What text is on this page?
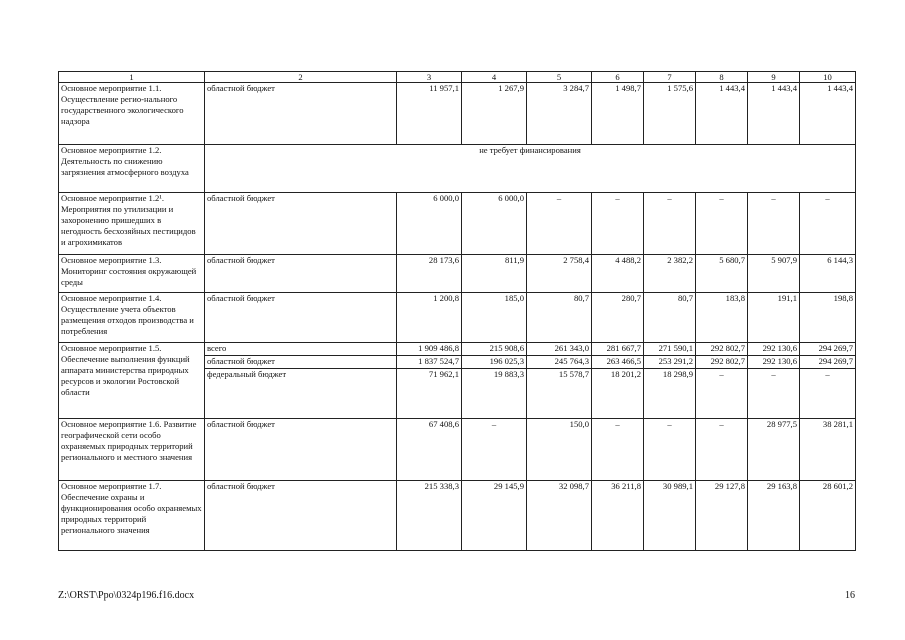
1	2	3	4	5	6	7	8	9	10
Основное мероприятие 1.1. Осуществление регио-нального государственного экологического надзора	областной бюджет	11 957,1	1 267,9	3 284,7	1 498,7	1 575,6	1 443,4	1 443,4	1 443,4
Основное мероприятие 1.2. Деятельность по снижению загрязнения атмосферного воздуха	не требует финансирования								
Основное мероприятие 1.2¹. Мероприятия по утилизации и захоронению пришедших в негодность бесхозяйных пестицидов и агрохимикатов	областной бюджет	6 000,0	6 000,0	–	–	–	–	–	–
Основное мероприятие 1.3. Мониторинг состояния окружающей среды	областной бюджет	28 173,6	811,9	2 758,4	4 488,2	2 382,2	5 680,7	5 907,9	6 144,3
Основное мероприятие 1.4. Осуществление учета объектов размещения отходов производства и потребления	областной бюджет	1 200,8	185,0	80,7	280,7	80,7	183,8	191,1	198,8
Основное мероприятие 1.5. Обеспечение выполнения функций аппарата министерства природных ресурсов и экологии Ростовской области	всего	1 909 486,8	215 908,6	261 343,0	281 667,7	271 590,1	292 802,7	292 130,6	294 269,7
	областной бюджет	1 837 524,7	196 025,3	245 764,3	263 466,5	253 291,2	292 802,7	292 130,6	294 269,7
	федеральный бюджет	71 962,1	19 883,3	15 578,7	18 201,2	18 298,9	–	–	–
Основное мероприятие 1.6. Развитие географической сети особо охраняемых природных территорий регионального и местного значения	областной бюджет	67 408,6	–	150,0	–	–	–	28 977,5	38 281,1
Основное мероприятие 1.7. Обеспечение охраны и функционирования особо охраняемых природных территорий регионального значения	областной бюджет	215 338,3	29 145,9	32 098,7	36 211,8	30 989,1	29 127,8	29 163,8	28 601,2
Z:\ORST\Ppo\0324p196.f16.docx	16
